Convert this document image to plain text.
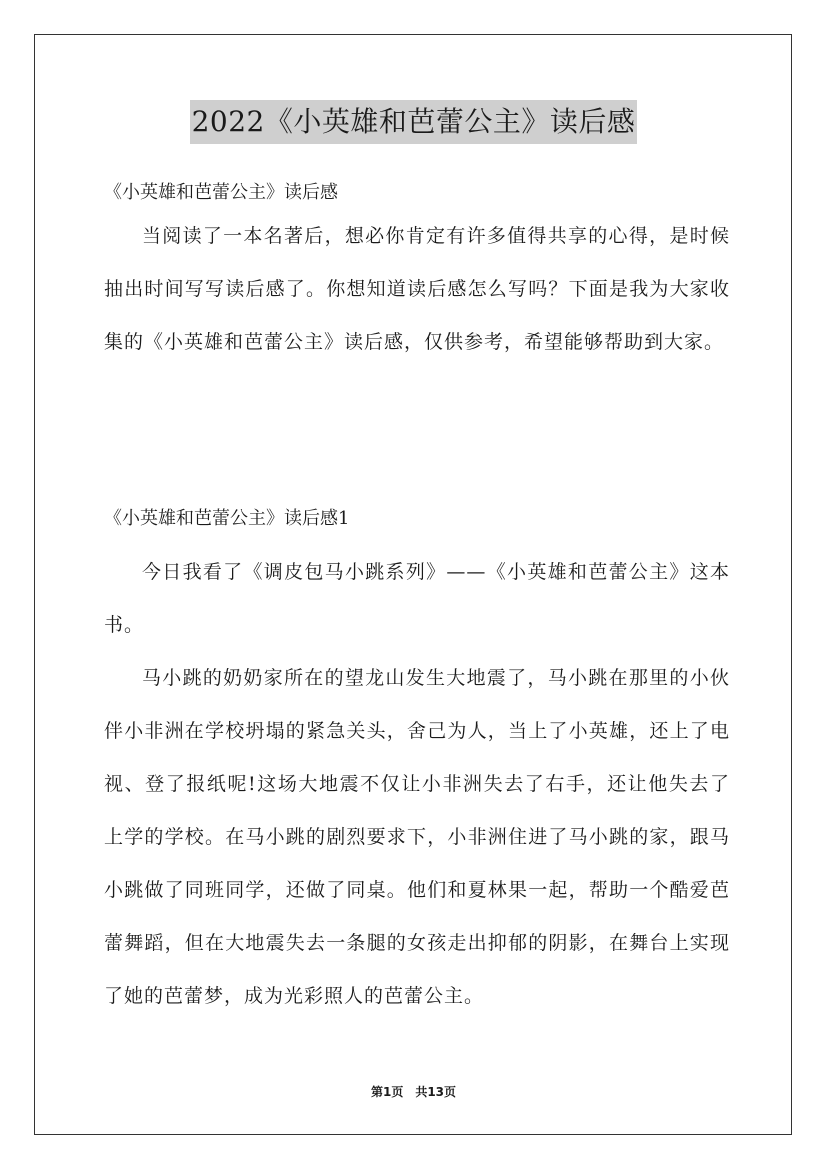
2022《小英雄和芭蕾公主》读后感
《小英雄和芭蕾公主》读后感

当阅读了一本名著后，想必你肯定有许多值得共享的心得，是时候抽出时间写写读后感了。你想知道读后感怎么写吗？下面是我为大家收集的《小英雄和芭蕾公主》读后感，仅供参考，希望能够帮助到大家。

《小英雄和芭蕾公主》读后感1

今日我看了《调皮包马小跳系列》——《小英雄和芭蕾公主》这本书。

马小跳的奶奶家所在的望龙山发生大地震了，马小跳在那里的小伙伴小非洲在学校坍塌的紧急关头，舍己为人，当上了小英雄，还上了电视、登了报纸呢!这场大地震不仅让小非洲失去了右手，还让他失去了上学的学校。在马小跳的剧烈要求下，小非洲住进了马小跳的家，跟马小跳做了同班同学，还做了同桌。他们和夏林果一起，帮助一个酷爱芭蕾舞蹈，但在大地震失去一条腿的女孩走出抑郁的阴影，在舞台上实现了她的芭蕾梦，成为光彩照人的芭蕾公主。

第1页　共13页
